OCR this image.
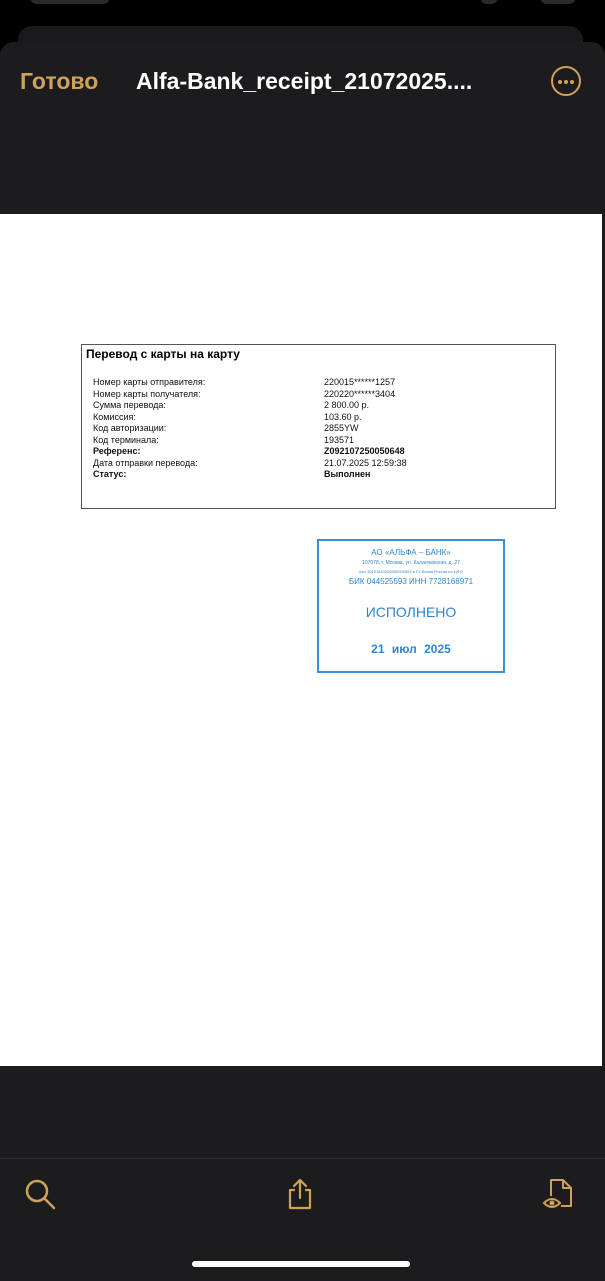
Готово Alfa-Bank_receipt_21072025....
Перевод с карты на карту
Номер карты отправителя:	220015******1257
Номер карты получателя:	220220******3404
Сумма перевода:	2 800.00 р.
Комиссия:	103.60 р.
Код авторизации:	2855YW
Код терминала:	193571
Референс:	Z092107250050648
Дата отправки перевода:	21.07.2025 12:59:38
Статус:	Выполнен
АО «АЛЬФА – БАНК»
107078, г. Москва, ул. Каланчевская, д. 27
к/сч 30101810200000000593 в ГУ Банка России по ЦФО
БИК 044525593 ИНН 7728168971
ИСПОЛНЕНО
21 июл 2025
